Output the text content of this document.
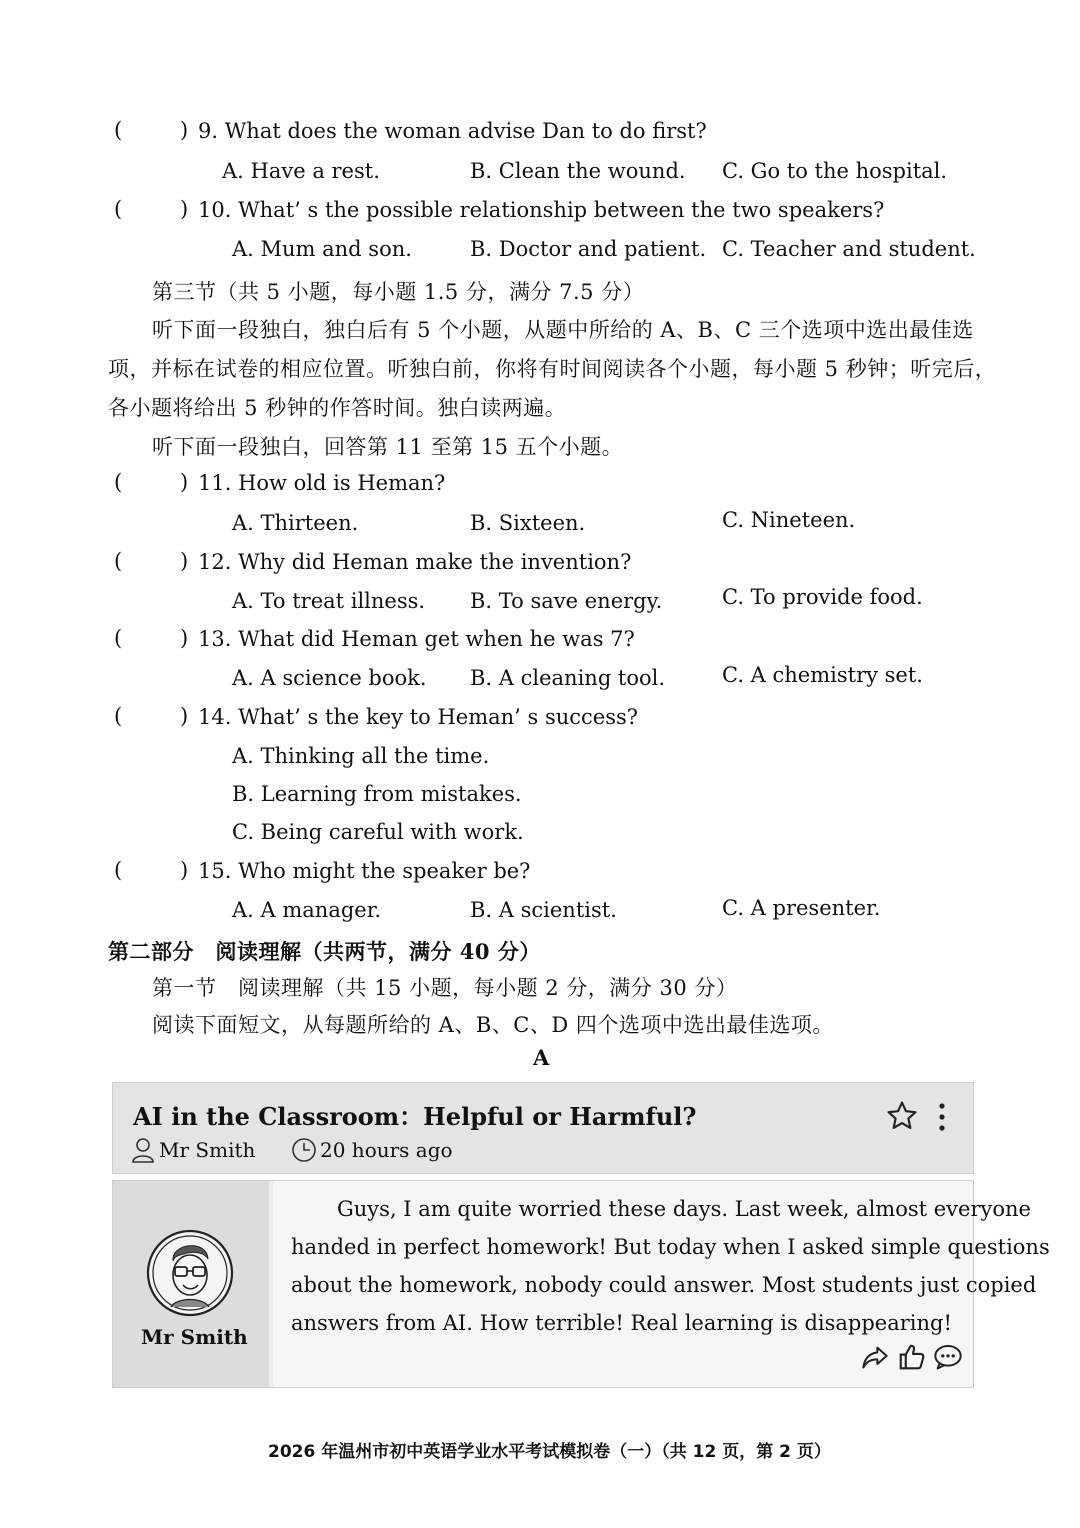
(	) 9. What does the woman advise Dan to do first?
A. Have a rest.	B. Clean the wound. C. Go to the hospital.
(	) 10. What’ s the possible relationship between the two speakers?
A. Mum and son.	B. Doctor and patient. C. Teacher and student.
第三节（共 5 小题，每小题 1.5 分，满分 7.5 分）
听下面一段独白，独白后有 5 个小题，从题中所给的 A、B、C 三个选项中选出最佳选
项，并标在试卷的相应位置。听独白前，你将有时间阅读各个小题，每小题 5 秒钟；听完后，
各小题将给出 5 秒钟的作答时间。独白读两遍。
听下面一段独白，回答第 11 至第 15 五个小题。
(	) 11. How old is Heman?
A. Thirteen.	B. Sixteen.	C. Nineteen.
(	) 12. Why did Heman make the invention?
A. To treat illness. B. To save energy.	C. To provide food.
(	) 13. What did Heman get when he was 7?
A. A science book. B. A cleaning tool.	C. A chemistry set.
(	) 14. What’ s the key to Heman’ s success?
A. Thinking all the time.
B. Learning from mistakes.
C. Being careful with work.
(	) 15. Who might the speaker be?
A. A manager.	B. A scientist.	C. A presenter.
第二部分　阅读理解（共两节，满分 40 分）
第一节　阅读理解（共 15 小题，每小题 2 分，满分 30 分）
阅读下面短文，从每题所给的 A、B、C、D 四个选项中选出最佳选项。
A
AI in the Classroom：Helpful or Harmful?
Mr Smith	20 hours ago
Mr Smith
Guys, I am quite worried these days. Last week, almost everyone
handed in perfect homework! But today when I asked simple questions
about the homework, nobody could answer. Most students just copied
answers from AI. How terrible! Real learning is disappearing!
2026 年温州市初中英语学业水平考试模拟卷（一）（共 12 页，第 2 页）
